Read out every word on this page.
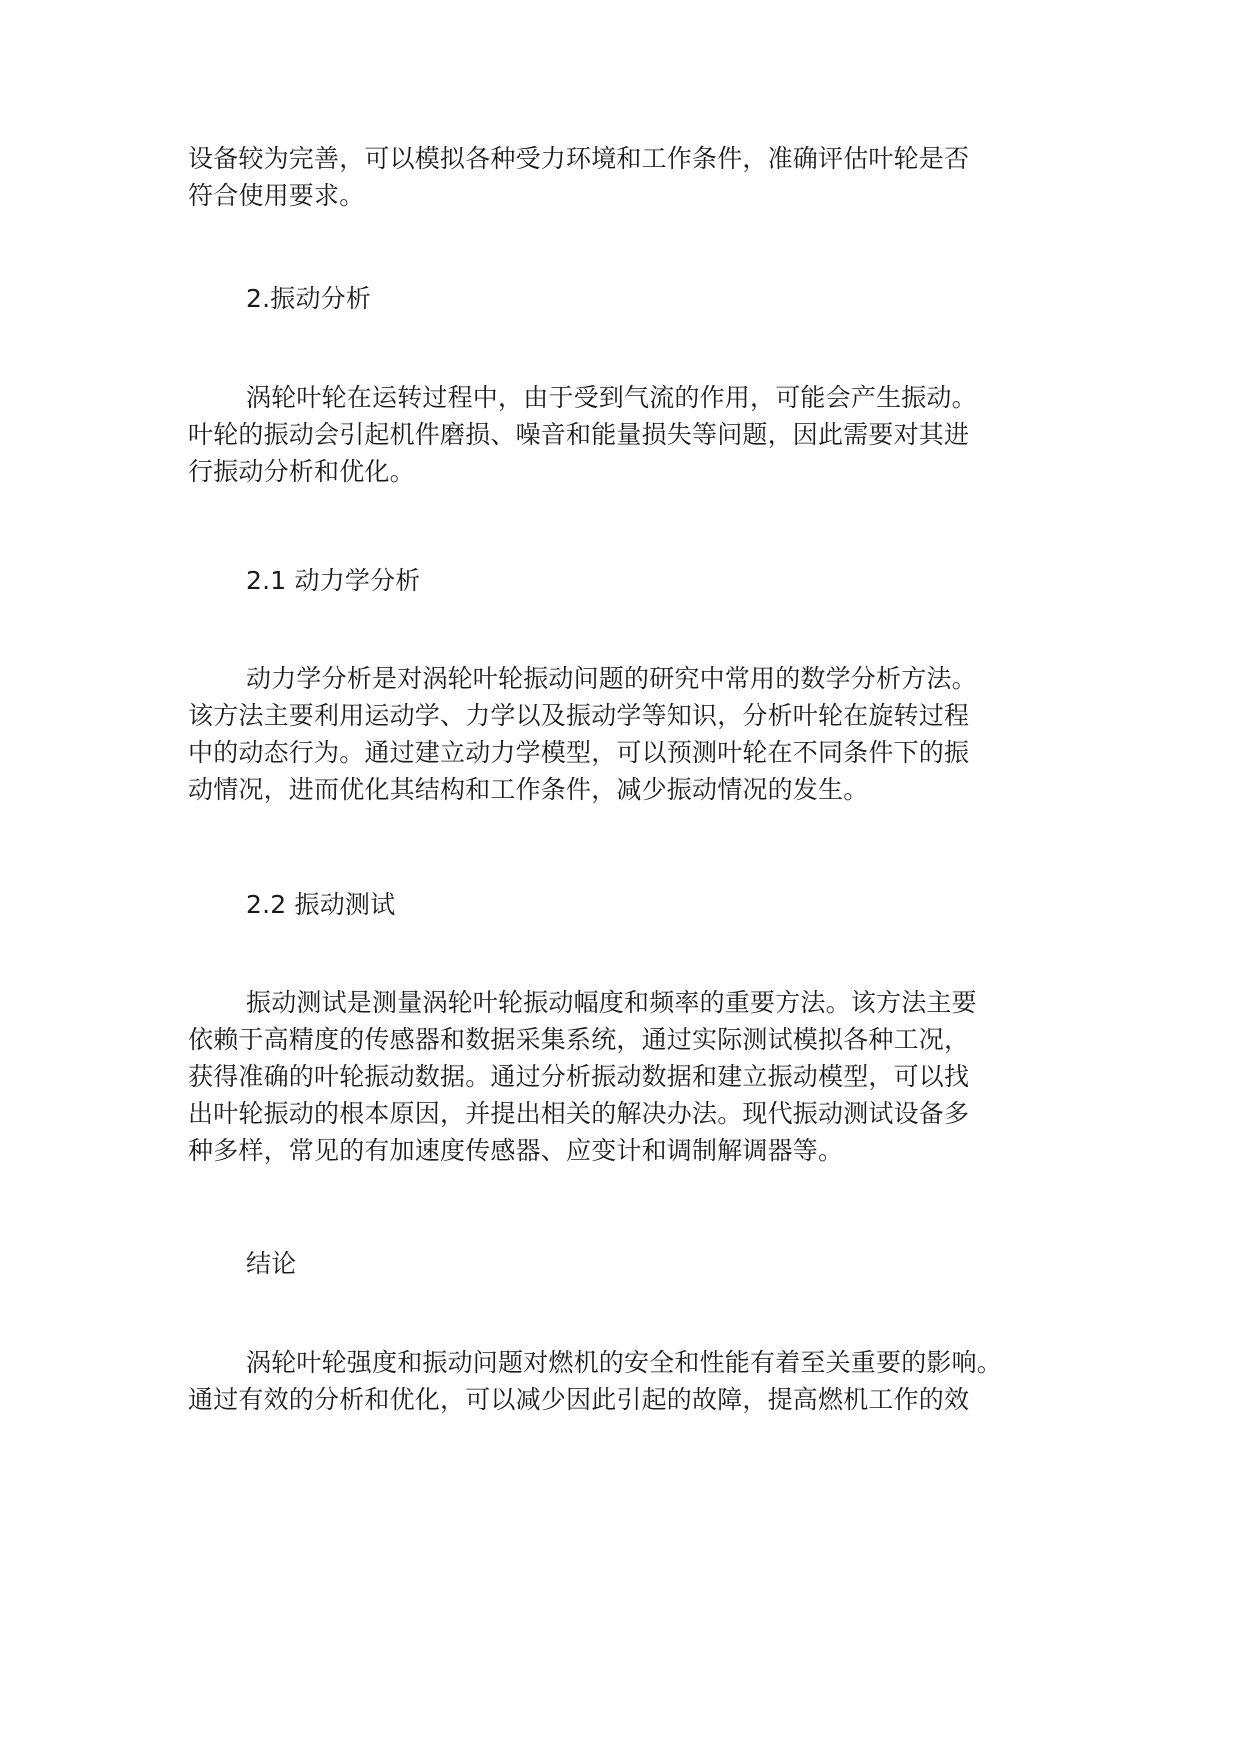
设备较为完善，可以模拟各种受力环境和工作条件，准确评估叶轮是否
符合使用要求。
2.振动分析
涡轮叶轮在运转过程中，由于受到气流的作用，可能会产生振动。
叶轮的振动会引起机件磨损、噪音和能量损失等问题，因此需要对其进
行振动分析和优化。
2.1 动力学分析
动力学分析是对涡轮叶轮振动问题的研究中常用的数学分析方法。
该方法主要利用运动学、力学以及振动学等知识，分析叶轮在旋转过程
中的动态行为。通过建立动力学模型，可以预测叶轮在不同条件下的振
动情况，进而优化其结构和工作条件，减少振动情况的发生。
2.2 振动测试
振动测试是测量涡轮叶轮振动幅度和频率的重要方法。该方法主要
依赖于高精度的传感器和数据采集系统，通过实际测试模拟各种工况，
获得准确的叶轮振动数据。通过分析振动数据和建立振动模型，可以找
出叶轮振动的根本原因，并提出相关的解决办法。现代振动测试设备多
种多样，常见的有加速度传感器、应变计和调制解调器等。
结论
涡轮叶轮强度和振动问题对燃机的安全和性能有着至关重要的影响。
通过有效的分析和优化，可以减少因此引起的故障，提高燃机工作的效
